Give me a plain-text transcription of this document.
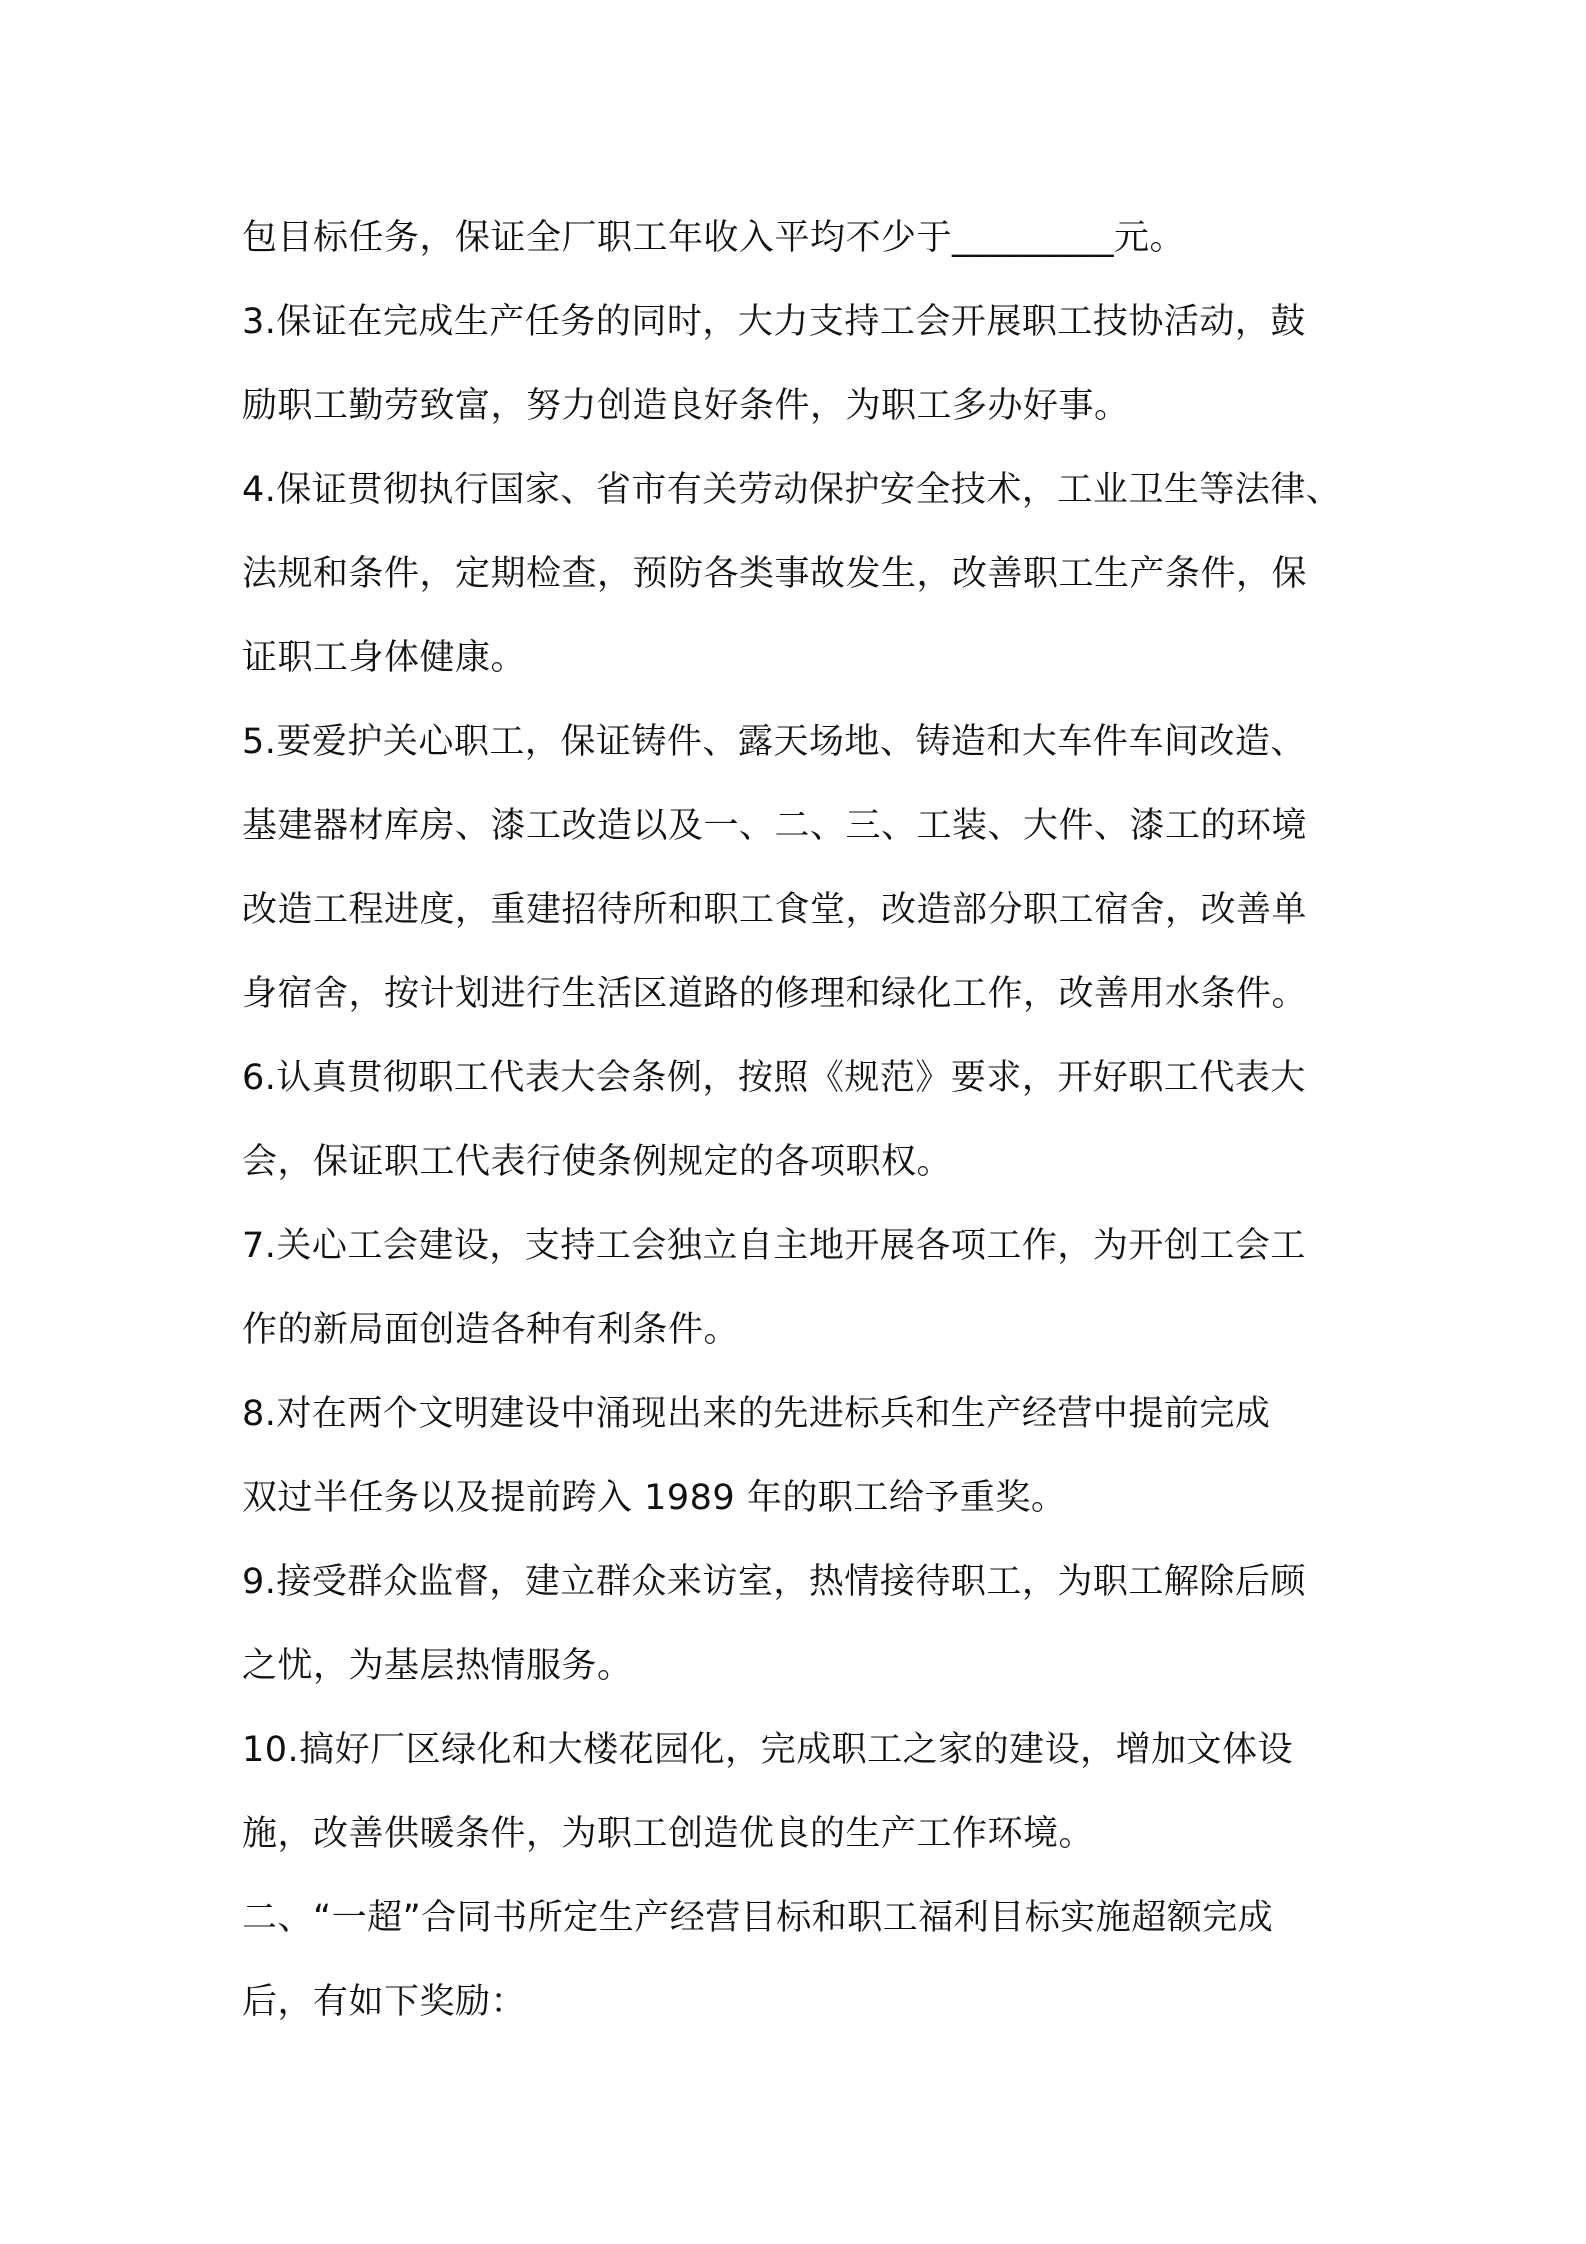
包目标任务，保证全厂职工年收入平均不少于_________元。
3.保证在完成生产任务的同时，大力支持工会开展职工技协活动，鼓
励职工勤劳致富，努力创造良好条件，为职工多办好事。
4.保证贯彻执行国家、省市有关劳动保护安全技术，工业卫生等法律、
法规和条件，定期检查，预防各类事故发生，改善职工生产条件，保
证职工身体健康。
5.要爱护关心职工，保证铸件、露天场地、铸造和大车件车间改造、
基建器材库房、漆工改造以及一、二、三、工装、大件、漆工的环境
改造工程进度，重建招待所和职工食堂，改造部分职工宿舍，改善单
身宿舍，按计划进行生活区道路的修理和绿化工作，改善用水条件。
6.认真贯彻职工代表大会条例，按照《规范》要求，开好职工代表大
会，保证职工代表行使条例规定的各项职权。
7.关心工会建设，支持工会独立自主地开展各项工作，为开创工会工
作的新局面创造各种有利条件。
8.对在两个文明建设中涌现出来的先进标兵和生产经营中提前完成
双过半任务以及提前跨入 1989 年的职工给予重奖。
9.接受群众监督，建立群众来访室，热情接待职工，为职工解除后顾
之忧，为基层热情服务。
10.搞好厂区绿化和大楼花园化，完成职工之家的建设，增加文体设
施，改善供暖条件，为职工创造优良的生产工作环境。
二、“一超”合同书所定生产经营目标和职工福利目标实施超额完成
后，有如下奖励：
